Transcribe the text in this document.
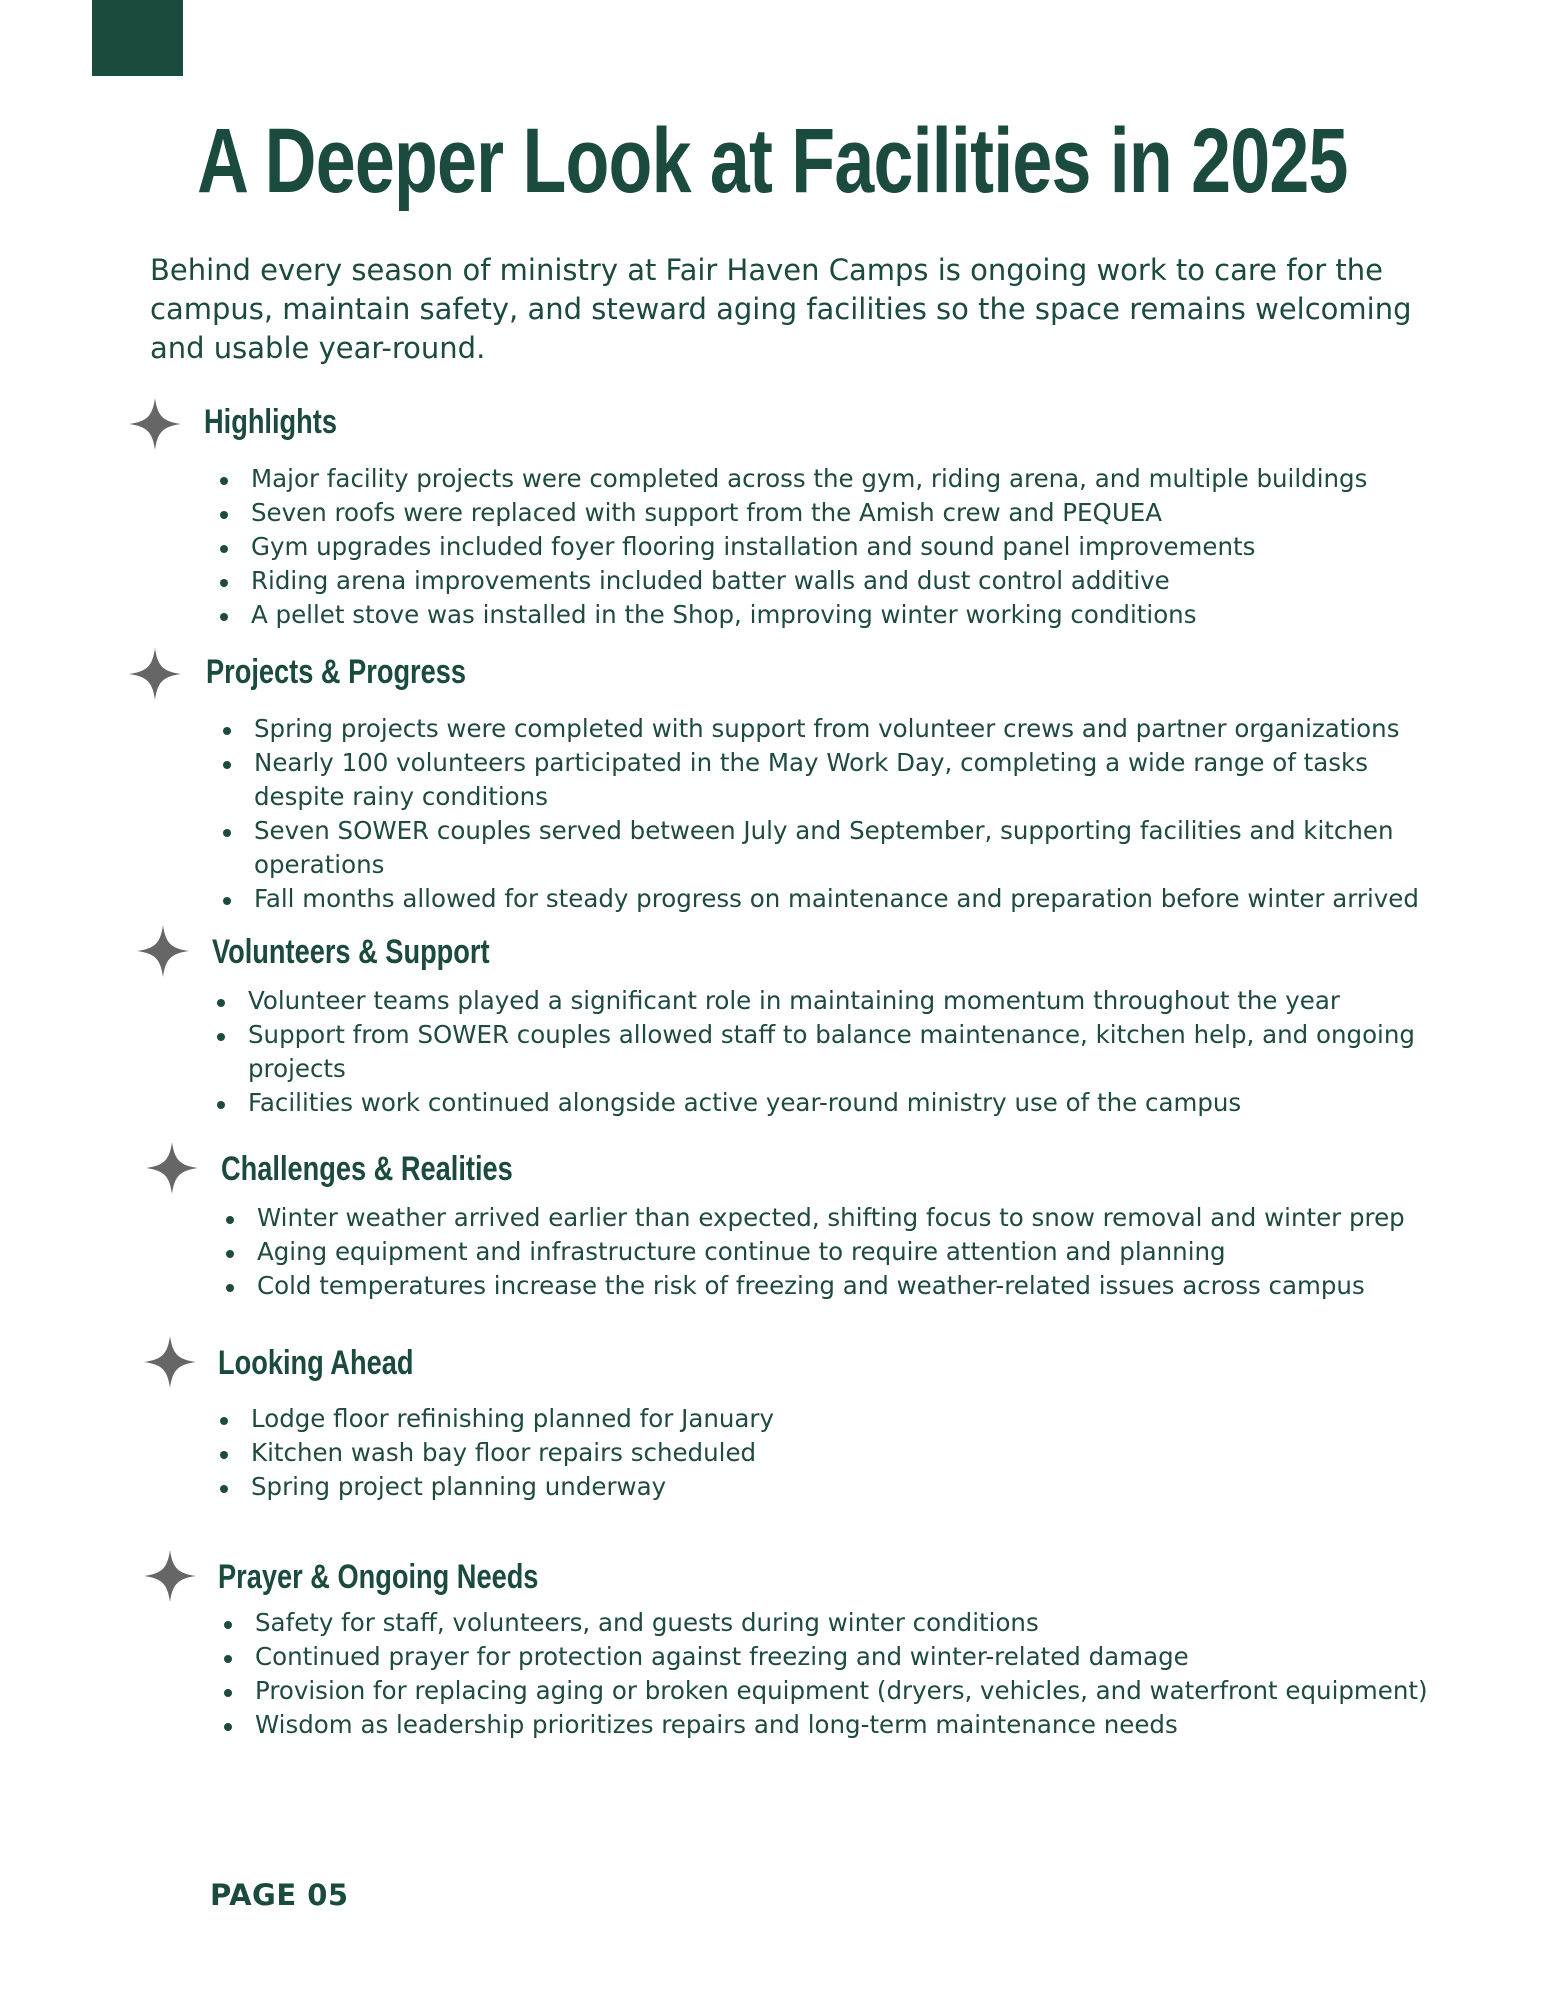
A Deeper Look at Facilities in 2025

Behind every season of ministry at Fair Haven Camps is ongoing work to care for the campus, maintain safety, and steward aging facilities so the space remains welcoming and usable year-round.

Highlights
Major facility projects were completed across the gym, riding arena, and multiple buildings
Seven roofs were replaced with support from the Amish crew and PEQUEA
Gym upgrades included foyer flooring installation and sound panel improvements
Riding arena improvements included batter walls and dust control additive
A pellet stove was installed in the Shop, improving winter working conditions
Projects & Progress
Spring projects were completed with support from volunteer crews and partner organizations
Nearly 100 volunteers participated in the May Work Day, completing a wide range of tasks despite rainy conditions
Seven SOWER couples served between July and September, supporting facilities and kitchen operations
Fall months allowed for steady progress on maintenance and preparation before winter arrived
Volunteers & Support
Volunteer teams played a significant role in maintaining momentum throughout the year
Support from SOWER couples allowed staff to balance maintenance, kitchen help, and ongoing projects
Facilities work continued alongside active year-round ministry use of the campus
Challenges & Realities
Winter weather arrived earlier than expected, shifting focus to snow removal and winter prep
Aging equipment and infrastructure continue to require attention and planning
Cold temperatures increase the risk of freezing and weather-related issues across campus
Looking Ahead
Lodge floor refinishing planned for January
Kitchen wash bay floor repairs scheduled
Spring project planning underway
Prayer & Ongoing Needs
Safety for staff, volunteers, and guests during winter conditions
Continued prayer for protection against freezing and winter-related damage
Provision for replacing aging or broken equipment (dryers, vehicles, and waterfront equipment)
Wisdom as leadership prioritizes repairs and long-term maintenance needs

PAGE 05
